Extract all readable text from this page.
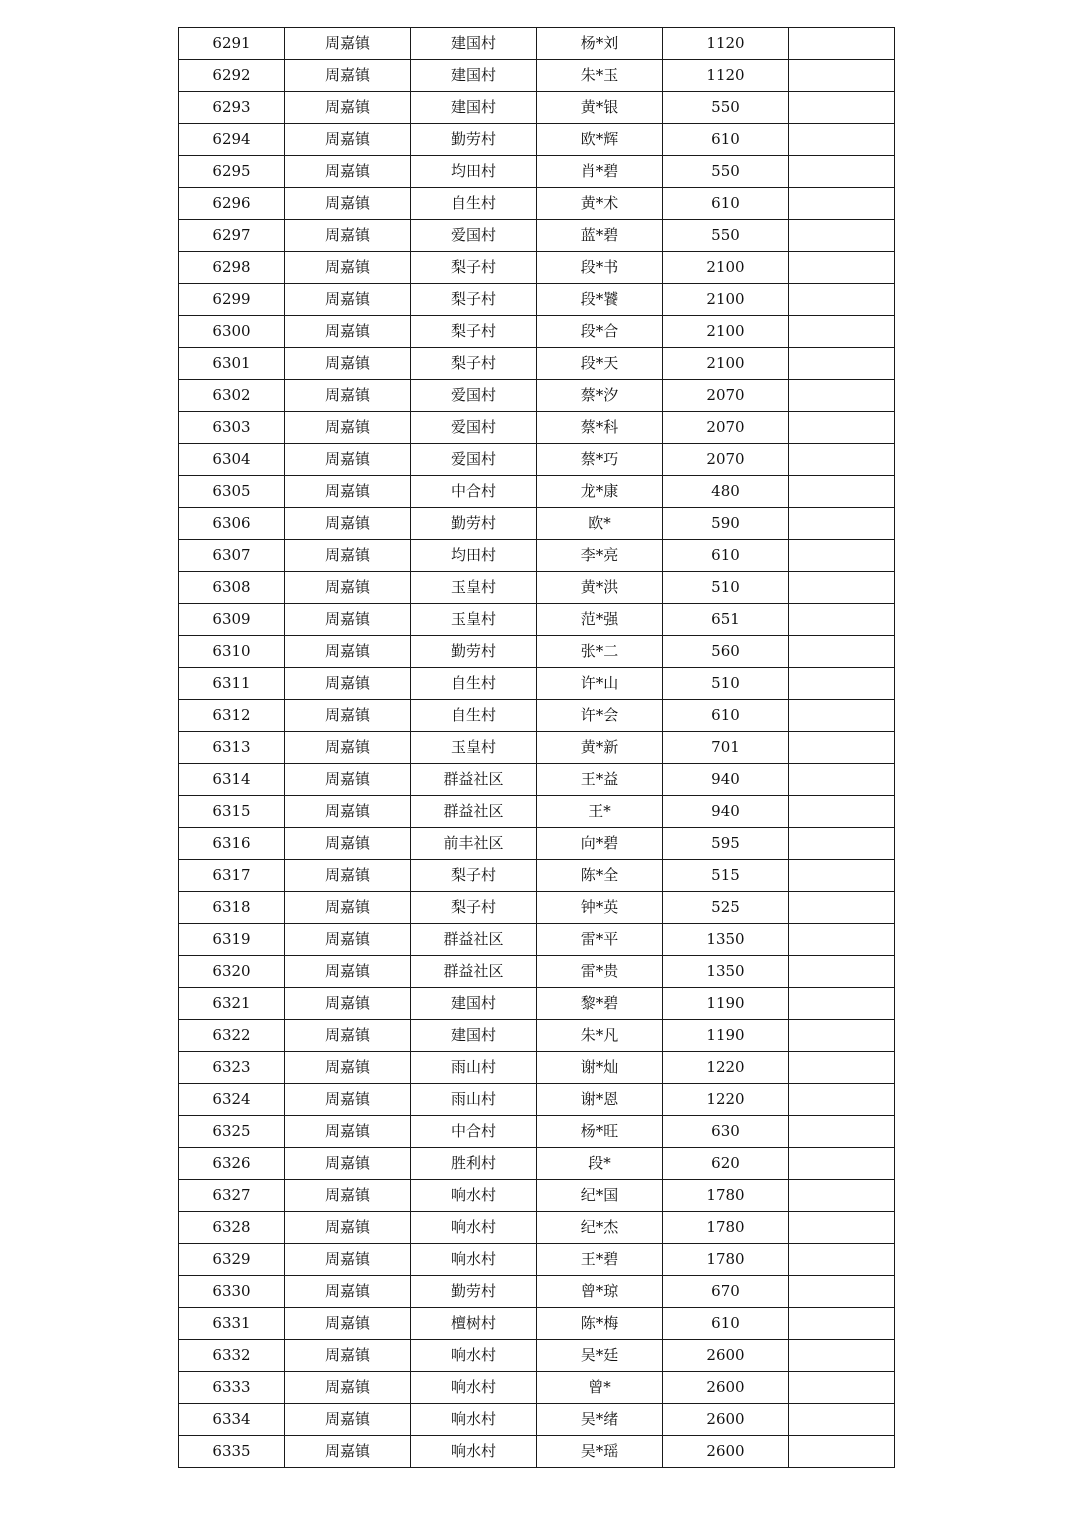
6291	周嘉镇	建国村	杨*刘	1120	
6292	周嘉镇	建国村	朱*玉	1120	
6293	周嘉镇	建国村	黄*银	550	
6294	周嘉镇	勤劳村	欧*辉	610	
6295	周嘉镇	均田村	肖*碧	550	
6296	周嘉镇	自生村	黄*术	610	
6297	周嘉镇	爱国村	蓝*碧	550	
6298	周嘉镇	梨子村	段*书	2100	
6299	周嘉镇	梨子村	段*饕	2100	
6300	周嘉镇	梨子村	段*合	2100	
6301	周嘉镇	梨子村	段*天	2100	
6302	周嘉镇	爱国村	蔡*汐	2070	
6303	周嘉镇	爱国村	蔡*科	2070	
6304	周嘉镇	爱国村	蔡*巧	2070	
6305	周嘉镇	中合村	龙*康	480	
6306	周嘉镇	勤劳村	欧*	590	
6307	周嘉镇	均田村	李*亮	610	
6308	周嘉镇	玉皇村	黄*洪	510	
6309	周嘉镇	玉皇村	范*强	651	
6310	周嘉镇	勤劳村	张*二	560	
6311	周嘉镇	自生村	许*山	510	
6312	周嘉镇	自生村	许*会	610	
6313	周嘉镇	玉皇村	黄*新	701	
6314	周嘉镇	群益社区	王*益	940	
6315	周嘉镇	群益社区	王*	940	
6316	周嘉镇	前丰社区	向*碧	595	
6317	周嘉镇	梨子村	陈*全	515	
6318	周嘉镇	梨子村	钟*英	525	
6319	周嘉镇	群益社区	雷*平	1350	
6320	周嘉镇	群益社区	雷*贵	1350	
6321	周嘉镇	建国村	黎*碧	1190	
6322	周嘉镇	建国村	朱*凡	1190	
6323	周嘉镇	雨山村	谢*灿	1220	
6324	周嘉镇	雨山村	谢*恩	1220	
6325	周嘉镇	中合村	杨*旺	630	
6326	周嘉镇	胜利村	段*	620	
6327	周嘉镇	响水村	纪*国	1780	
6328	周嘉镇	响水村	纪*杰	1780	
6329	周嘉镇	响水村	王*碧	1780	
6330	周嘉镇	勤劳村	曾*琼	670	
6331	周嘉镇	檀树村	陈*梅	610	
6332	周嘉镇	响水村	吴*廷	2600	
6333	周嘉镇	响水村	曾*	2600	
6334	周嘉镇	响水村	吴*绪	2600	
6335	周嘉镇	响水村	吴*瑶	2600	
